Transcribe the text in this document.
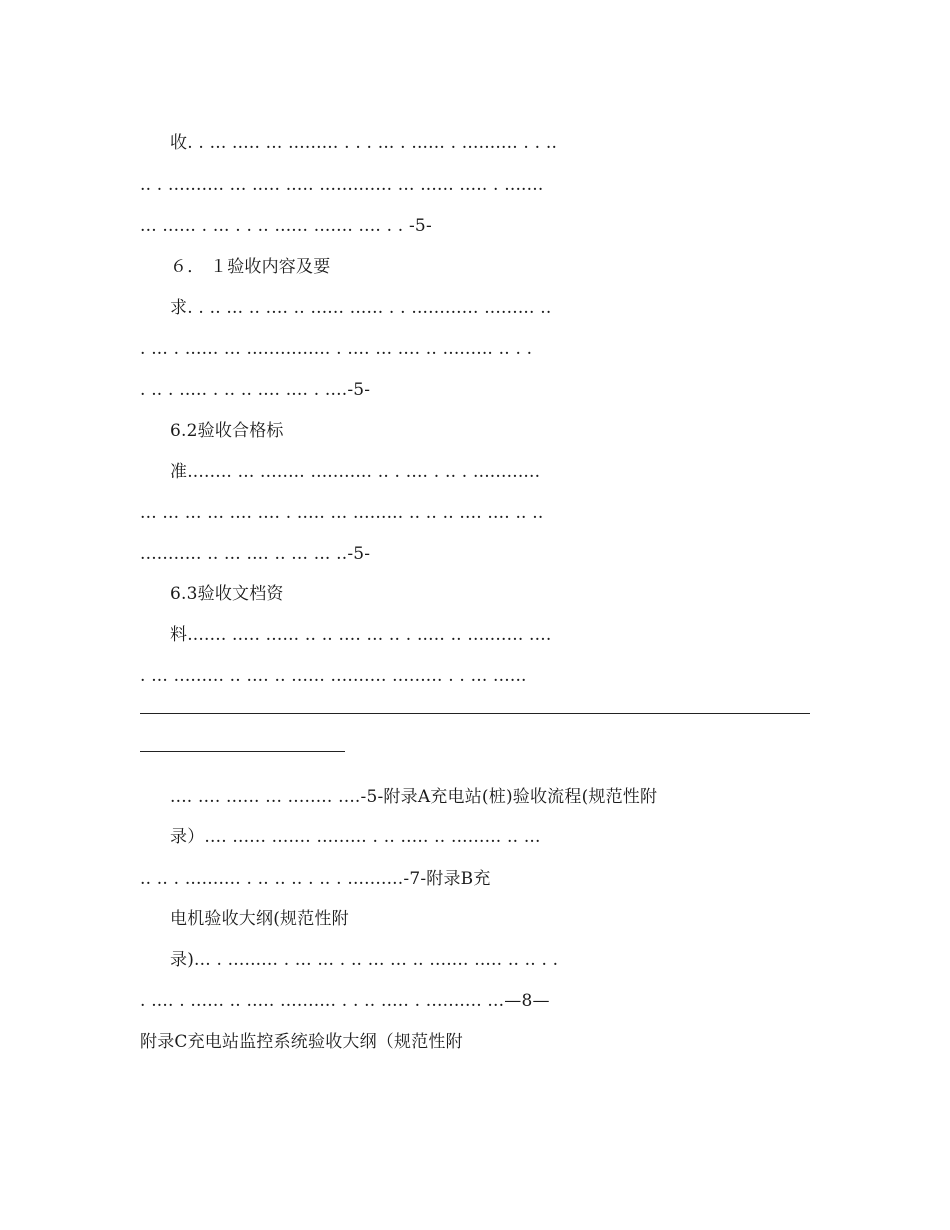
收. . ... ..... ... ......... . . . ... . ...... . .......... . . ..
.. . .......... ... ..... ..... ............. ... ...... ..... . .......
... ...... . ... . . .. ...... ....... .... . . -5-
６． １验收内容及要
求. . .. ... .. .... .. ...... ...... . . ............ ......... ..
. ... . ...... ... ............... . .... ... .... .. ......... .. . .
. .. . ..... . .. .. .... .... . ....-5-
6.2验收合格标
准........ ... ........ ........... .. . .... . .. . ............
... ... ... ... .... .... . ..... ... ......... .. .. .. .... .... .. ..
........... .. ... .... .. ... ... ..-5-
6.3验收文档资
料....... ..... ...... .. .. .... ... .. . ..... .. .......... ....
. ... ......... .. .... .. ...... .......... ......... . . ... ......
.... .... ...... ... ........ ....-5-附录A充电站(桩)验收流程(规范性附
录）.... ...... ....... ......... . .. ..... .. ......... .. ...
.. .. . .......... . .. .. .. . .. . ..........-7-附录B充
电机验收大纲(规范性附
录)... . ......... . ... ... . .. ... ... .. ....... ..... .. .. . .
. .... . ...... .. ..... .......... . . .. ..... . .......... ...—8—
附录C充电站监控系统验收大纲（规范性附
